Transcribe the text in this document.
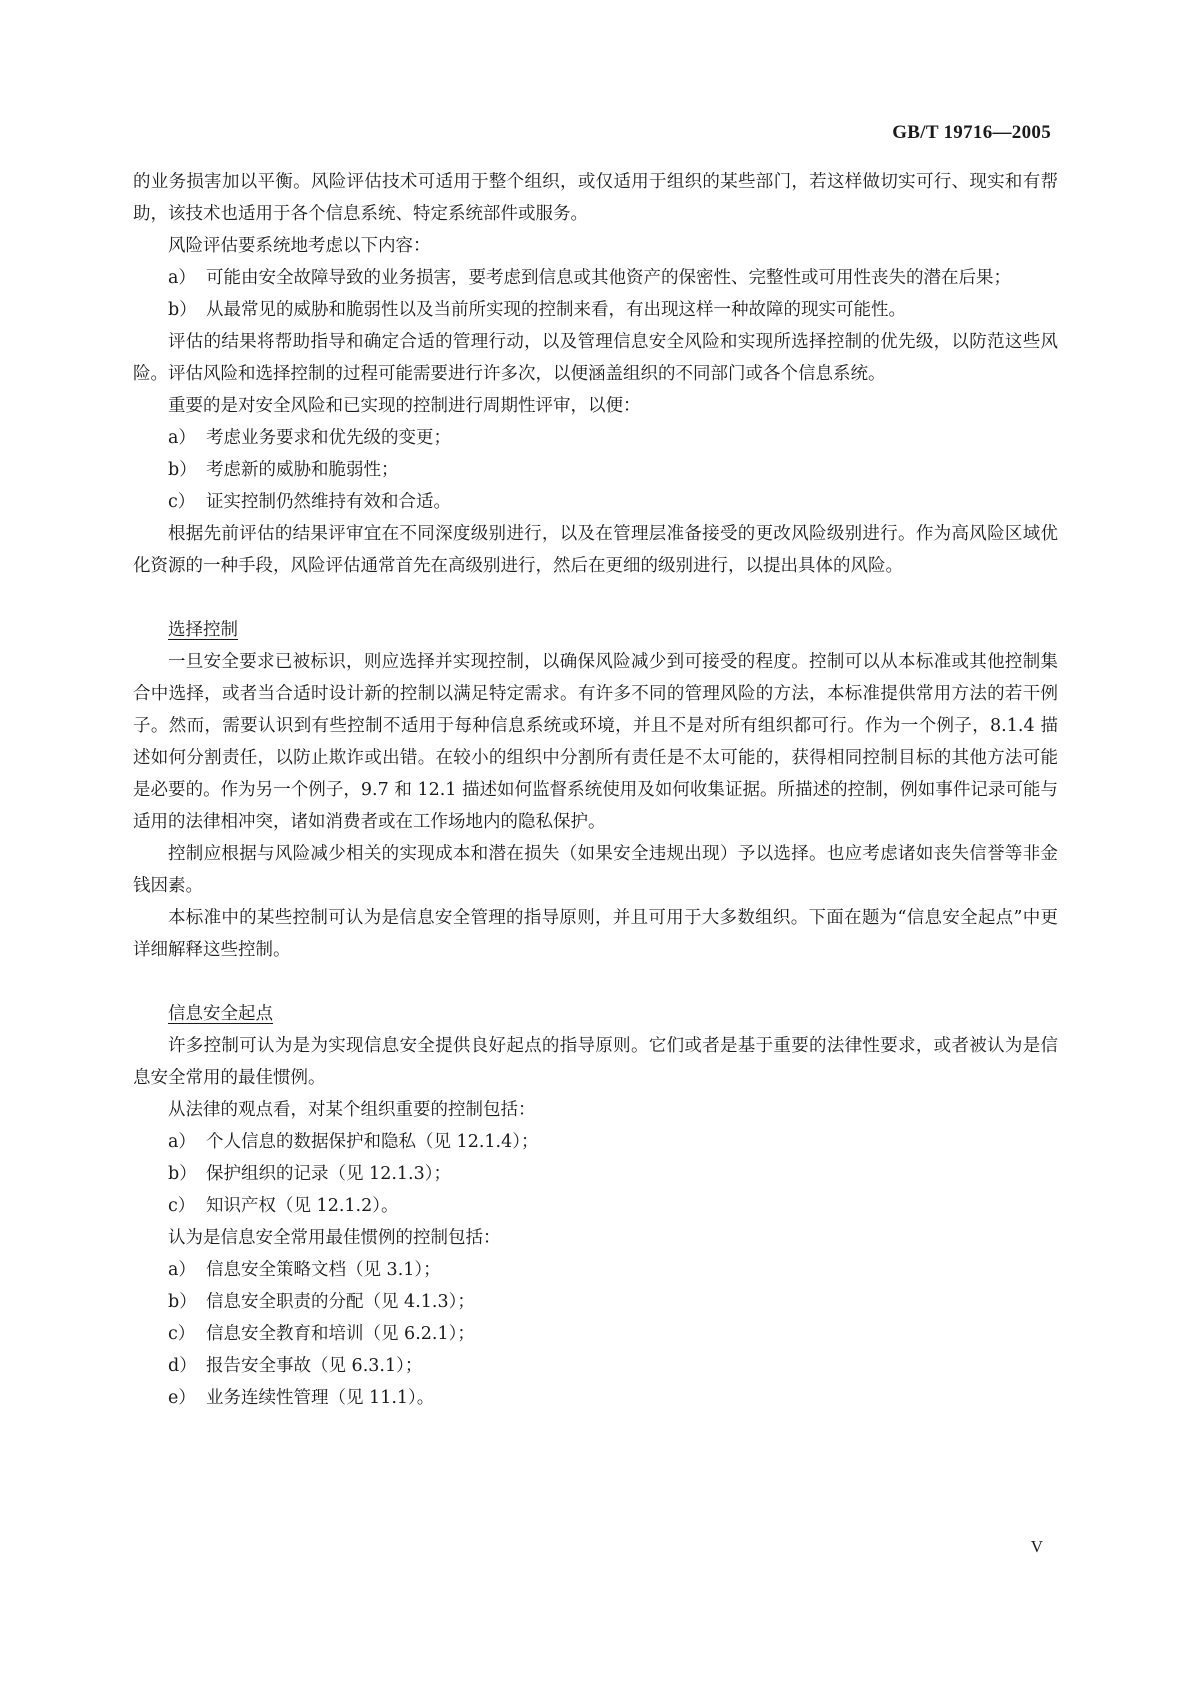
GB/T 19716—2005

的业务损害加以平衡。风险评估技术可适用于整个组织，或仅适用于组织的某些部门，若这样做切实可行、现实和有帮助，该技术也适用于各个信息系统、特定系统部件或服务。

风险评估要系统地考虑以下内容：

a） 可能由安全故障导致的业务损害，要考虑到信息或其他资产的保密性、完整性或可用性丧失的潜在后果；

b） 从最常见的威胁和脆弱性以及当前所实现的控制来看，有出现这样一种故障的现实可能性。

评估的结果将帮助指导和确定合适的管理行动，以及管理信息安全风险和实现所选择控制的优先级，以防范这些风险。评估风险和选择控制的过程可能需要进行许多次，以便涵盖组织的不同部门或各个信息系统。

重要的是对安全风险和已实现的控制进行周期性评审，以便：

a） 考虑业务要求和优先级的变更；

b） 考虑新的威胁和脆弱性；

c） 证实控制仍然维持有效和合适。

根据先前评估的结果评审宜在不同深度级别进行，以及在管理层准备接受的更改风险级别进行。作为高风险区域优化资源的一种手段，风险评估通常首先在高级别进行，然后在更细的级别进行，以提出具体的风险。

选择控制

一旦安全要求已被标识，则应选择并实现控制，以确保风险减少到可接受的程度。控制可以从本标准或其他控制集合中选择，或者当合适时设计新的控制以满足特定需求。有许多不同的管理风险的方法，本标准提供常用方法的若干例子。然而，需要认识到有些控制不适用于每种信息系统或环境，并且不是对所有组织都可行。作为一个例子，8.1.4 描述如何分割责任，以防止欺诈或出错。在较小的组织中分割所有责任是不太可能的，获得相同控制目标的其他方法可能是必要的。作为另一个例子，9.7 和 12.1 描述如何监督系统使用及如何收集证据。所描述的控制，例如事件记录可能与适用的法律相冲突，诸如消费者或在工作场地内的隐私保护。

控制应根据与风险减少相关的实现成本和潜在损失（如果安全违规出现）予以选择。也应考虑诸如丧失信誉等非金钱因素。

本标准中的某些控制可认为是信息安全管理的指导原则，并且可用于大多数组织。下面在题为“信息安全起点”中更详细解释这些控制。

信息安全起点

许多控制可认为是为实现信息安全提供良好起点的指导原则。它们或者是基于重要的法律性要求，或者被认为是信息安全常用的最佳惯例。

从法律的观点看，对某个组织重要的控制包括：

a） 个人信息的数据保护和隐私（见 12.1.4）；

b） 保护组织的记录（见 12.1.3）；

c） 知识产权（见 12.1.2）。

认为是信息安全常用最佳惯例的控制包括：

a） 信息安全策略文档（见 3.1）；

b） 信息安全职责的分配（见 4.1.3）；

c） 信息安全教育和培训（见 6.2.1）；

d） 报告安全事故（见 6.3.1）；

e） 业务连续性管理（见 11.1）。

V
